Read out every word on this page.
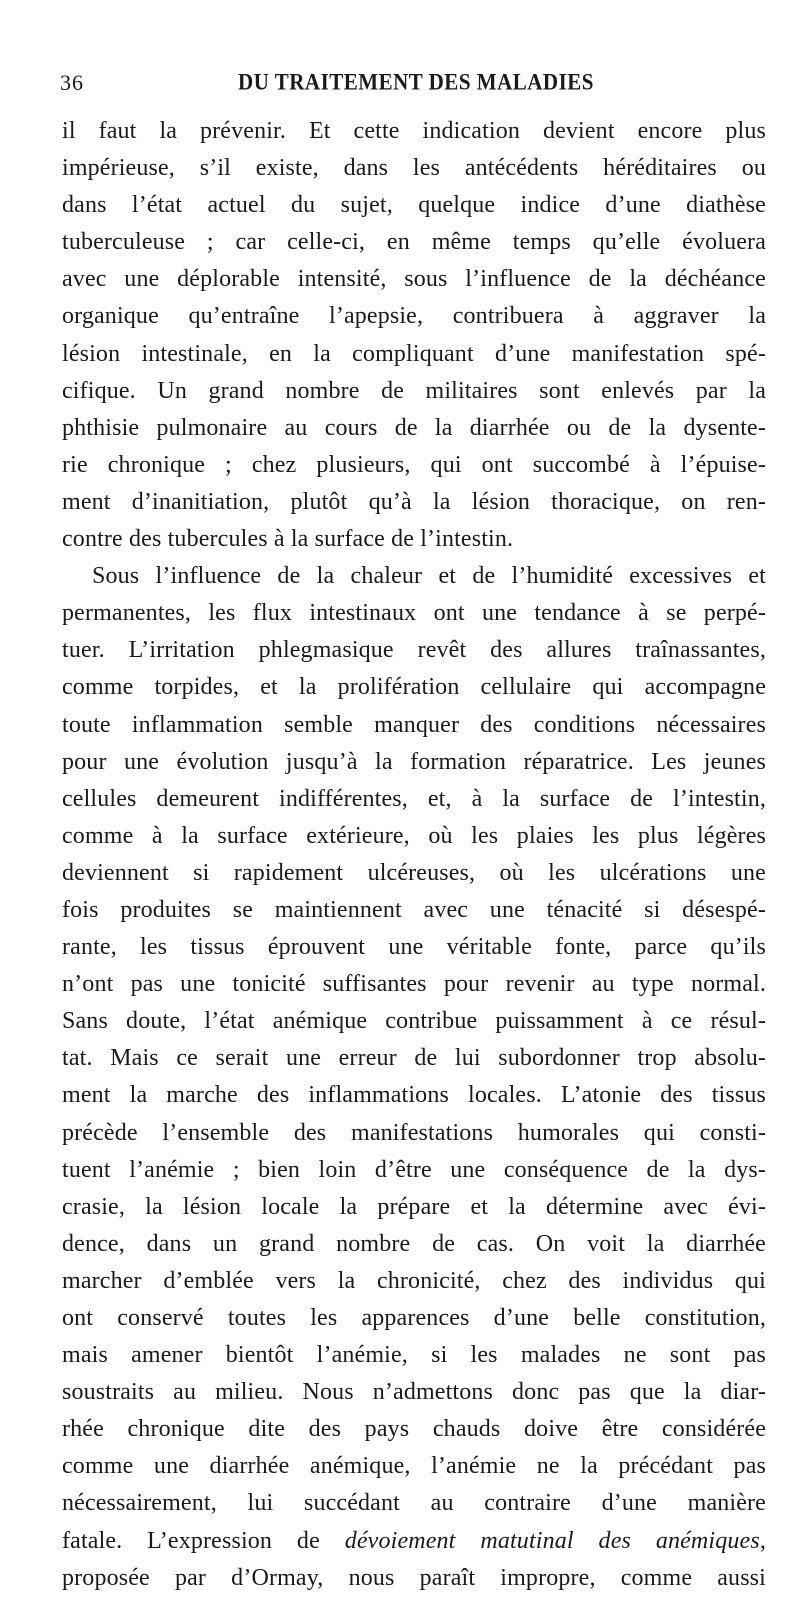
36	DU TRAITEMENT DES MALADIES
il faut la prévenir. Et cette indication devient encore plus
impérieuse, s’il existe, dans les antécédents héréditaires ou
dans l’état actuel du sujet, quelque indice d’une diathèse
tuberculeuse ; car celle-ci, en même temps qu’elle évoluera
avec une déplorable intensité, sous l’influence de la déchéance
organique qu’entraîne l’apepsie, contribuera à aggraver la
lésion intestinale, en la compliquant d’une manifestation spé-
cifique. Un grand nombre de militaires sont enlevés par la
phthisie pulmonaire au cours de la diarrhée ou de la dysente-
rie chronique ; chez plusieurs, qui ont succombé à l’épuise-
ment d’inanitiation, plutôt qu’à la lésion thoracique, on ren-
contre des tubercules à la surface de l’intestin.
Sous l’influence de la chaleur et de l’humidité excessives et
permanentes, les flux intestinaux ont une tendance à se perpé-
tuer. L’irritation phlegmasique revêt des allures traînassantes,
comme torpides, et la prolifération cellulaire qui accompagne
toute inflammation semble manquer des conditions nécessaires
pour une évolution jusqu’à la formation réparatrice. Les jeunes
cellules demeurent indifférentes, et, à la surface de l’intestin,
comme à la surface extérieure, où les plaies les plus légères
deviennent si rapidement ulcéreuses, où les ulcérations une
fois produites se maintiennent avec une ténacité si désespé-
rante, les tissus éprouvent une véritable fonte, parce qu’ils
n’ont pas une tonicité suffisantes pour revenir au type normal.
Sans doute, l’état anémique contribue puissamment à ce résul-
tat. Mais ce serait une erreur de lui subordonner trop absolu-
ment la marche des inflammations locales. L’atonie des tissus
précède l’ensemble des manifestations humorales qui consti-
tuent l’anémie ; bien loin d’être une conséquence de la dys-
crasie, la lésion locale la prépare et la détermine avec évi-
dence, dans un grand nombre de cas. On voit la diarrhée
marcher d’emblée vers la chronicité, chez des individus qui
ont conservé toutes les apparences d’une belle constitution,
mais amener bientôt l’anémie, si les malades ne sont pas
soustraits au milieu. Nous n’admettons donc pas que la diar-
rhée chronique dite des pays chauds doive être considérée
comme une diarrhée anémique, l’anémie ne la précédant pas
nécessairement, lui succédant au contraire d’une manière
fatale. L’expression de dévoiement matutinal des anémiques,
proposée par d’Ormay, nous paraît impropre, comme aussi
